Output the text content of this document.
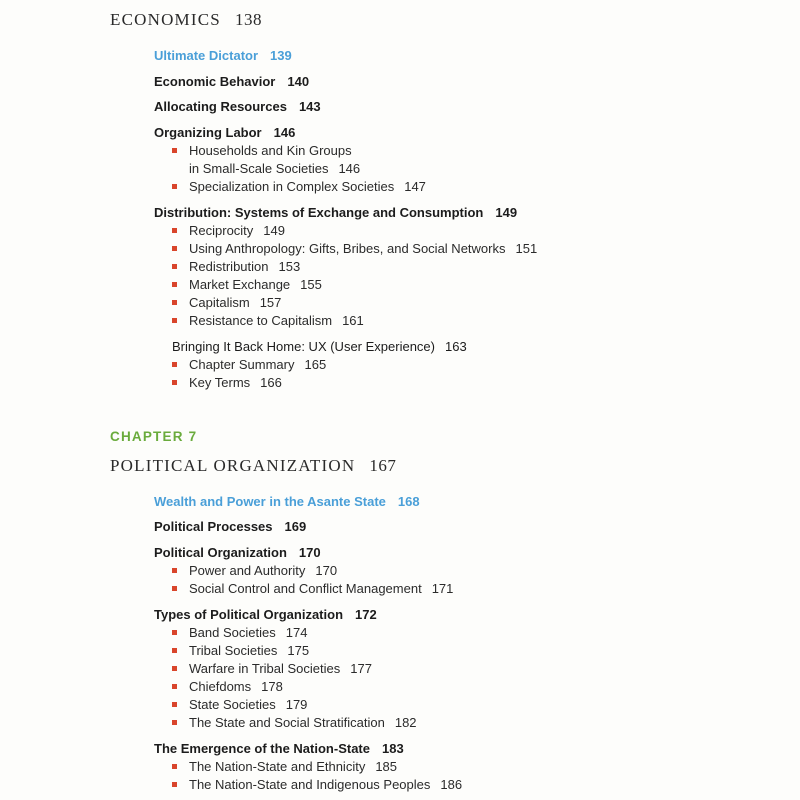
ECONOMICS 138
Ultimate Dictator 139
Economic Behavior 140
Allocating Resources 143
Organizing Labor 146
Households and Kin Groups
in Small-Scale Societies 146
Specialization in Complex Societies 147
Distribution: Systems of Exchange and Consumption 149
Reciprocity 149
Using Anthropology: Gifts, Bribes, and Social Networks 151
Redistribution 153
Market Exchange 155
Capitalism 157
Resistance to Capitalism 161
Bringing It Back Home: UX (User Experience) 163
Chapter Summary 165
Key Terms 166
CHAPTER 7
POLITICAL ORGANIZATION 167
Wealth and Power in the Asante State 168
Political Processes 169
Political Organization 170
Power and Authority 170
Social Control and Conflict Management 171
Types of Political Organization 172
Band Societies 174
Tribal Societies 175
Warfare in Tribal Societies 177
Chiefdoms 178
State Societies 179
The State and Social Stratification 182
The Emergence of the Nation-State 183
The Nation-State and Ethnicity 185
The Nation-State and Indigenous Peoples 186
